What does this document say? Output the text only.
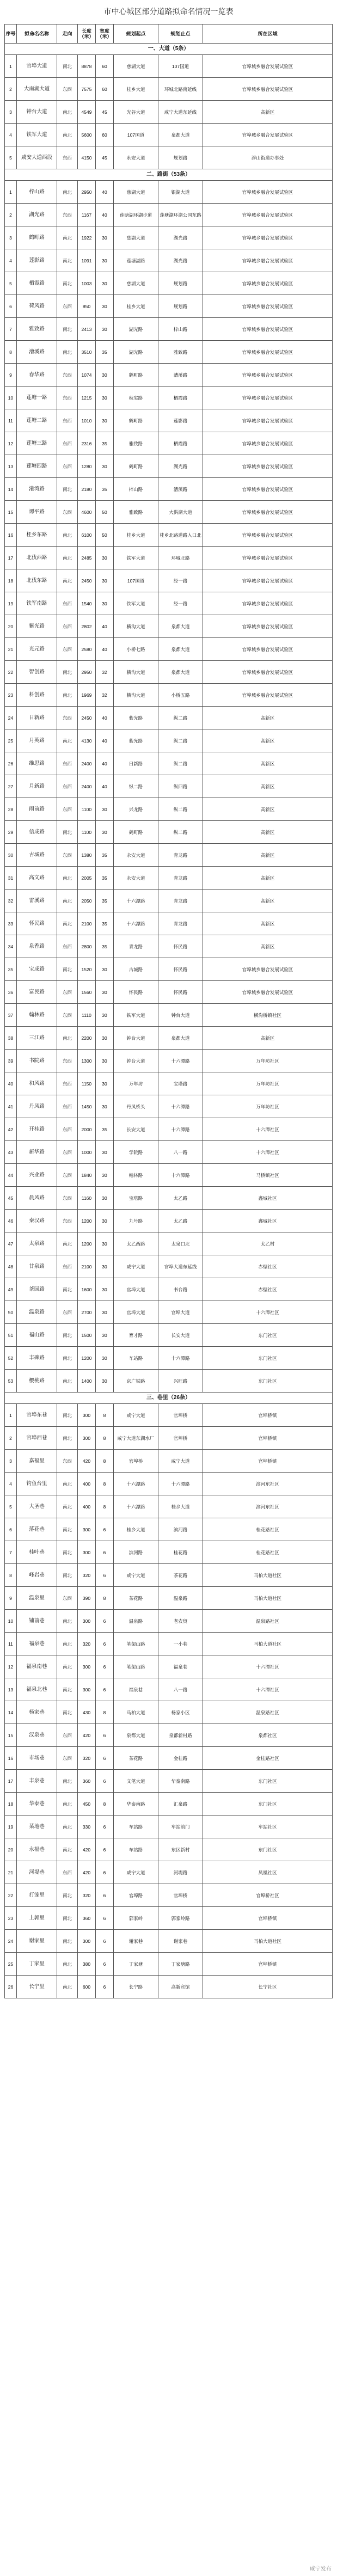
市中心城区部分道路拟命名情况一览表
序号	拟命名名称	走向	长度（米）	宽度（米）	规划起点	规划止点	所在区域
一、大道（5条）							
1	官埠大道	南北	8878	60	慈湖大道	107国道	官埠城乡融合发展试验区
2	大南湖大道	东西	7575	60	桂乡大道	环城北路南延线	官埠城乡融合发展试验区
3	钟台大道	南北	4549	45	光谷大道	咸宁大道东延线	高新区
4	铁军大道	南北	5600	60	107国道	泉都大道	官埠城乡融合发展试验区
5	咸安大道西段	东西	4150	45	永安大道	规划路	浮山街道办事处
二、路街（53条）							
1	梓山路	南北	2950	40	慈湖大道	银湖大道	官埠城乡融合发展试验区
2	湖光路	东西	1167	40	莲塘湖环湖步道	莲塘湖环湖公园东路	官埠城乡融合发展试验区
3	鹤町路	南北	1922	30	慈湖大道	湖光路	官埠城乡融合发展试验区
4	莲影路	南北	1091	30	莲塘湖路	湖光路	官埠城乡融合发展试验区
5	栖霞路	南北	1003	30	慈湖大道	规划路	官埠城乡融合发展试验区
6	荷风路	东西	850	30	桂乡大道	规划路	官埠城乡融合发展试验区
7	雅致路	南北	2413	30	湖光路	梓山路	官埠城乡融合发展试验区
8	漕溪路	南北	3510	35	湖光路	雅致路	官埠城乡融合发展试验区
9	春华路	东西	1074	30	鹤町路	漕溪路	官埠城乡融合发展试验区
10	莲塘一路	东西	1215	30	秋实路	栖霞路	官埠城乡融合发展试验区
11	莲塘二路	东西	1010	30	鹤町路	莲影路	官埠城乡融合发展试验区
12	莲塘三路	东西	2316	35	雅致路	栖霞路	官埠城乡融合发展试验区
13	莲塘四路	东西	1280	30	鹤町路	湖光路	官埠城乡融合发展试验区
14	港湾路	南北	2180	35	梓山路	漕溪路	官埠城乡融合发展试验区
15	谭平路	东西	4600	50	雅致路	大洪湖大道	官埠城乡融合发展试验区
16	桂乡东路	南北	6100	50	桂乡大道	桂乡北路道路入口北	官埠城乡融合发展试验区
17	北伐西路	南北	2485	30	铁军大道	环城北路	官埠城乡融合发展试验区
18	北伐东路	南北	2450	30	107国道	经一路	官埠城乡融合发展试验区
19	铁军南路	东西	1540	30	铁军大道	经一路	官埠城乡融合发展试验区
20	紫光路	东西	2802	40	横沟大道	泉都大道	官埠城乡融合发展试验区
21	光元路	东西	2580	40	小桥七路	泉都大道	官埠城乡融合发展试验区
22	智创路	南北	2950	32	横沟大道	泉都大道	官埠城乡融合发展试验区
23	科创路	南北	1969	32	横沟大道	小桥五路	官埠城乡融合发展试验区
24	日新路	东西	2450	40	紫光路	纵二路	高新区
25	月英路	南北	4130	40	紫光路	纵二路	高新区
26	维思路	东西	2400	40	日新路	纵二路	高新区
27	月新路	东西	2400	40	纵二路	纵四路	高新区
28	雨前路	东西	1100	30	兴龙路	纵二路	高新区
29	信成路	南北	1100	30	鹤町路	纵二路	高新区
30	古城路	东西	1380	35	永安大道	青龙路	高新区
31	高文路	南北	2005	35	永安大道	青龙路	高新区
32	雷溪路	南北	2050	35	十六潭路	青龙路	高新区
33	怀民路	南北	2100	35	十六潭路	青龙路	高新区
34	泉香路	东西	2800	35	青龙路	怀民路	高新区
35	宝成路	南北	1520	30	古城路	怀民路	官埠城乡融合发展试验区
36	富民路	东西	1560	30	怀民路	怀民路	官埠城乡融合发展试验区
37	翰林路	东西	1110	30	铁军大道	钟台大道	横沟桥镇社区
38	三江路	南北	2200	30	钟台大道	泉都大道	高新区
39	书院路	东西	1300	30	钟台大道	十六潭路	万年坊社区
40	和风路	东西	1150	30	万年坊	宝塔路	万年坊社区
41	丹凤路	东西	1450	30	丹凤桥头	十六潭路	万年坊社区
42	开桂路	东西	2000	35	长安大道	十六潭路	十六潭社区
43	新华路	东西	1000	30	学院路	八一路	十六潭社区
44	兴业路	东西	1840	30	翰林路	十六潭路	马桥镇社区
45	晨风路	东西	1160	30	宝塔路	太乙路	鑫城社区
46	秦汉路	东西	1200	30	九号路	太乙路	鑫城社区
47	太泉路	南北	1200	30	太乙西路	太泉口北	太乙村
48	甘泉路	东西	2100	30	咸宁大道	官埠大道东延线	赤壁社区
49	茶园路	南北	1600	30	官埠大道	书台路	赤壁社区
50	温泉路	东西	2700	30	官埠大道	官埠大道	十六潭社区
51	福山路	南北	1500	30	育才路	长安大道	东门社区
52	丰碑路	南北	1200	30	车站路	十六潭路	东门社区
53	樱桃路	南北	1400	30	京广铁路	兴旺路	东门社区
三、巷里（26条）							
1	官埠东巷	南北	300	8	咸宁大道	官埠桥	官埠桥镇
2	官埠西巷	南北	300	8	咸宁大道东湖水厂	官埠桥	官埠桥镇
3	嘉福里	东西	420	8	官埠桥	咸宁大道	官埠桥镇
4	钓鱼台里	南北	400	8	十六潭路	十六潭路	滨河东社区
5	大圣巷	南北	400	8	十六潭路	桂乡大道	滨河东社区
6	落花巷	南北	300	6	桂乡大道	滨河路	桂花路社区
7	桂叶巷	南北	300	6	滨河路	桂花路	桂花路社区
8	峰岩巷	南北	320	6	咸宁大道	茶花路	马柏大道社区
9	温泉里	东西	390	8	茶花路	温泉路	马柏大道社区
10	铺前巷	南北	300	6	温泉路	老农贸	温泉路社区
11	福泉巷	南北	320	6	笔架山路	一小巷	马柏大道社区
12	福泉南巷	南北	300	6	笔架山路	福泉巷	十六潭社区
13	福泉北巷	南北	300	6	福泉巷	八一路	十六潭社区
14	杨家巷	南北	430	8	马柏大道	杨家小区	温泉路社区
15	汉泉巷	东西	420	6	泉都大道	泉都新村路	泉都社区
16	市场巷	东西	320	6	茶花路	金桂路	金桂路社区
17	丰泉巷	南北	360	6	文笔大道	华泰南路	东门社区
18	华泰巷	南北	450	8	华泰南路	汇泉路	东门社区
19	菜地巷	南北	330	6	车站路	车站前门	车站社区
20	永福巷	南北	420	6	车站路	东区新村	东门社区
21	河堤巷	东西	420	6	咸宁大道	河堤路	凤凰社区
22	打笼里	南北	320	6	官埠路	官埠桥	官埠桥社区
23	上郭里	南北	360	6	郭家岭	郭家岭路	官埠桥镇
24	谢家里	南北	300	6	谢家巷	谢家巷	马柏大道社区
25	丁家里	南北	380	6	丁家塘	丁家塘路	官埠桥镇
26	长宁里	南北	600	6	长宁路	高新宾馆	长宁社区
咸宁发布
